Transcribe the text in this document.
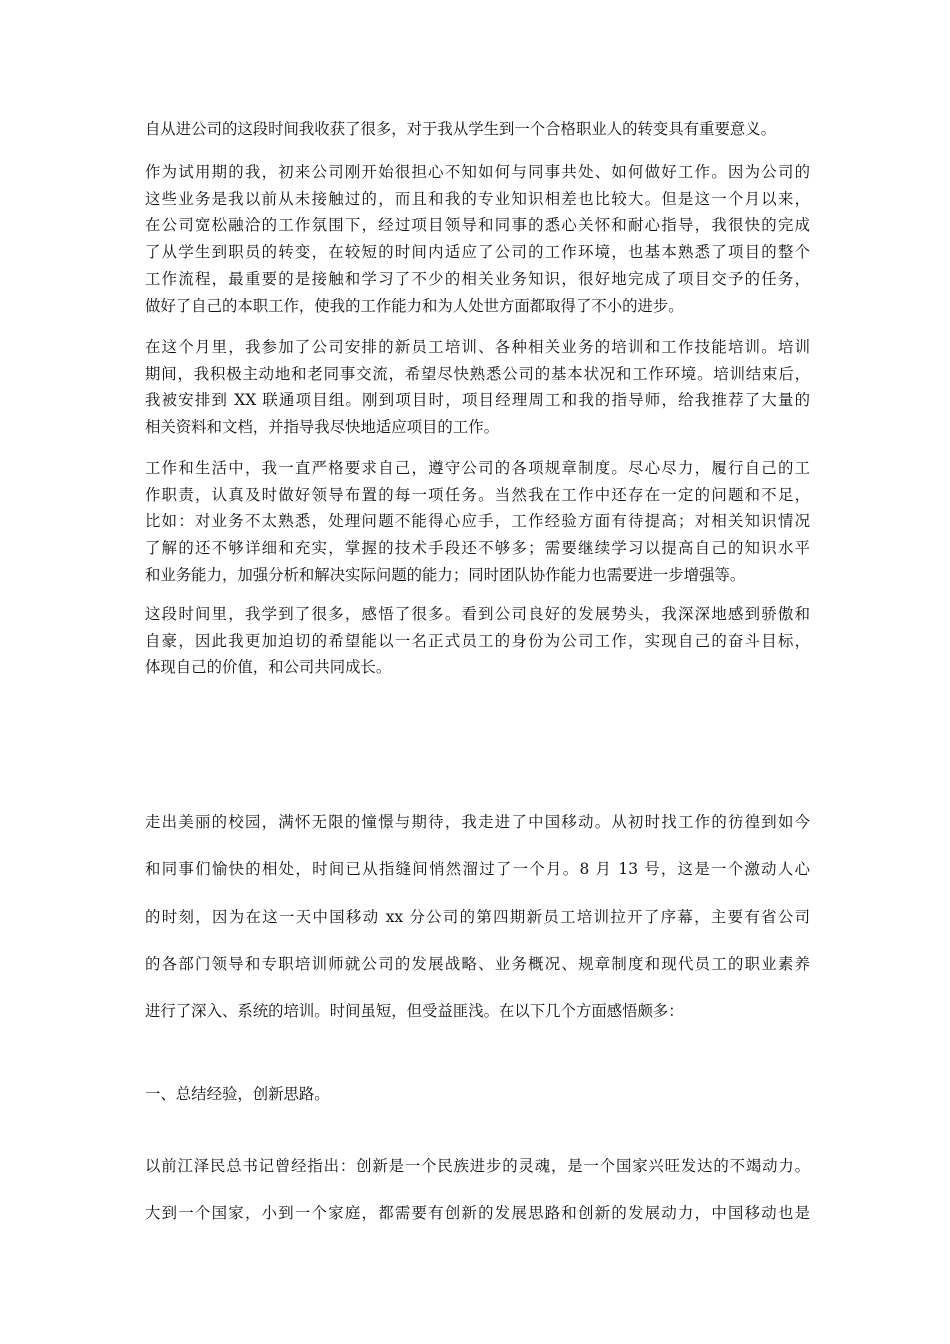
自从进公司的这段时间我收获了很多，对于我从学生到一个合格职业人的转变具有重要意义。
作为试用期的我，初来公司刚开始很担心不知如何与同事共处、如何做好工作。因为公司的
这些业务是我以前从未接触过的，而且和我的专业知识相差也比较大。但是这一个月以来，
在公司宽松融洽的工作氛围下，经过项目领导和同事的悉心关怀和耐心指导，我很快的完成
了从学生到职员的转变，在较短的时间内适应了公司的工作环境，也基本熟悉了项目的整个
工作流程，最重要的是接触和学习了不少的相关业务知识，很好地完成了项目交予的任务，
做好了自己的本职工作，使我的工作能力和为人处世方面都取得了不小的进步。
在这个月里，我参加了公司安排的新员工培训、各种相关业务的培训和工作技能培训。培训
期间，我积极主动地和老同事交流，希望尽快熟悉公司的基本状况和工作环境。培训结束后，
我被安排到 XX 联通项目组。刚到项目时，项目经理周工和我的指导师，给我推荐了大量的
相关资料和文档，并指导我尽快地适应项目的工作。
工作和生活中，我一直严格要求自己，遵守公司的各项规章制度。尽心尽力，履行自己的工
作职责，认真及时做好领导布置的每一项任务。当然我在工作中还存在一定的问题和不足，
比如：对业务不太熟悉，处理问题不能得心应手，工作经验方面有待提高；对相关知识情况
了解的还不够详细和充实，掌握的技术手段还不够多；需要继续学习以提高自己的知识水平
和业务能力，加强分析和解决实际问题的能力；同时团队协作能力也需要进一步增强等。
这段时间里，我学到了很多，感悟了很多。看到公司良好的发展势头，我深深地感到骄傲和
自豪，因此我更加迫切的希望能以一名正式员工的身份为公司工作，实现自己的奋斗目标，
体现自己的价值，和公司共同成长。
走出美丽的校园，满怀无限的憧憬与期待，我走进了中国移动。从初时找工作的彷徨到如今
和同事们愉快的相处，时间已从指缝间悄然溜过了一个月。8 月 13 号，这是一个激动人心
的时刻，因为在这一天中国移动 xx 分公司的第四期新员工培训拉开了序幕，主要有省公司
的各部门领导和专职培训师就公司的发展战略、业务概况、规章制度和现代员工的职业素养
进行了深入、系统的培训。时间虽短，但受益匪浅。在以下几个方面感悟颇多：
一、总结经验，创新思路。
以前江泽民总书记曾经指出：创新是一个民族进步的灵魂，是一个国家兴旺发达的不竭动力。
大到一个国家，小到一个家庭，都需要有创新的发展思路和创新的发展动力，中国移动也是
